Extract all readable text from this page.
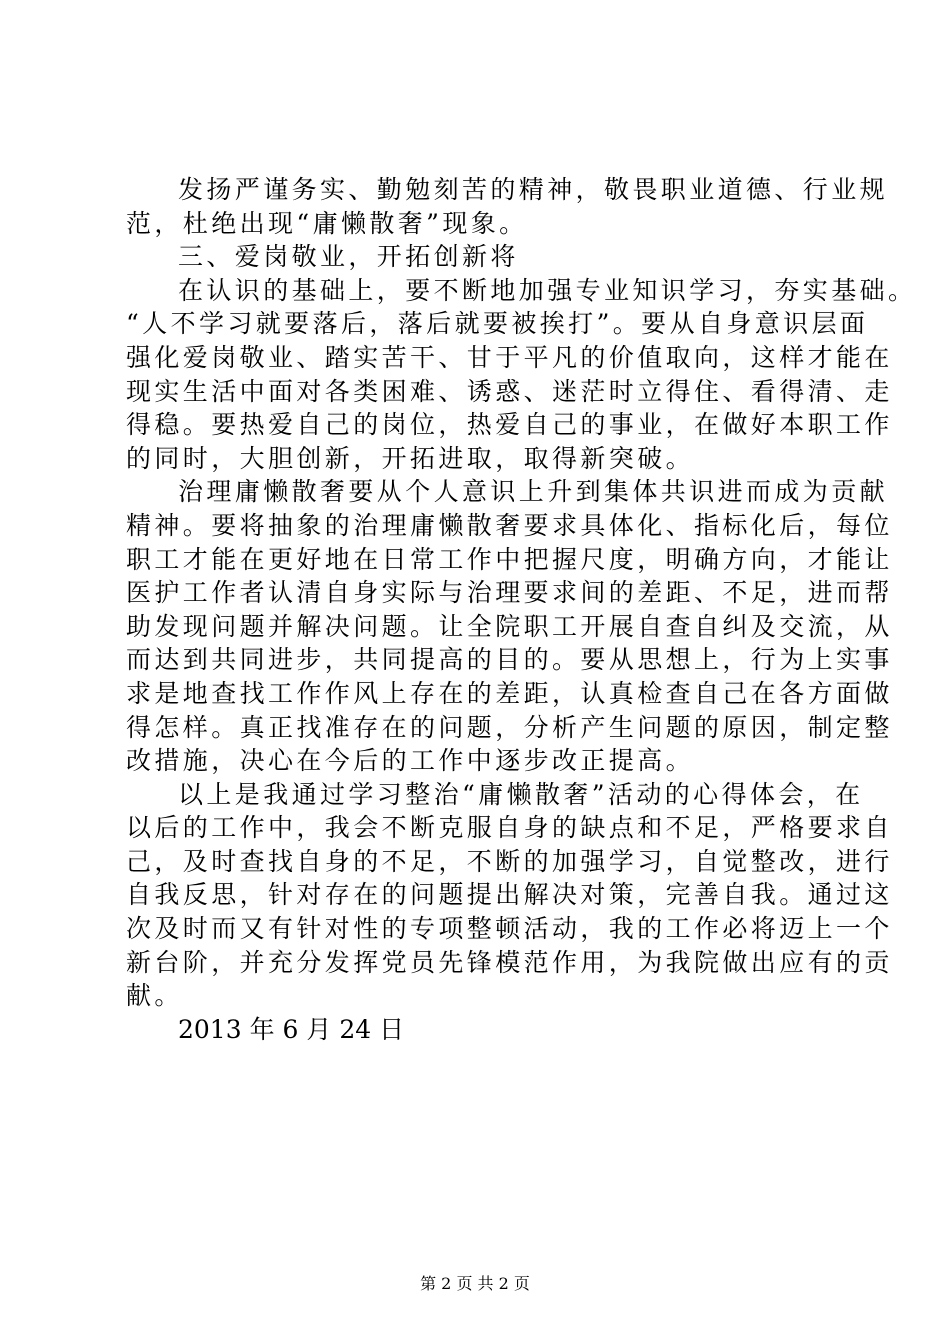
发扬严谨务实、勤勉刻苦的精神，敬畏职业道德、行业规
范，杜绝出现“庸懒散奢”现象。
三、爱岗敬业，开拓创新将
在认识的基础上，要不断地加强专业知识学习，夯实基础。
“人不学习就要落后，落后就要被挨打”。要从自身意识层面
强化爱岗敬业、踏实苦干、甘于平凡的价值取向，这样才能在
现实生活中面对各类困难、诱惑、迷茫时立得住、看得清、走
得稳。要热爱自己的岗位，热爱自己的事业，在做好本职工作
的同时，大胆创新，开拓进取，取得新突破。
治理庸懒散奢要从个人意识上升到集体共识进而成为贡献
精神。要将抽象的治理庸懒散奢要求具体化、指标化后，每位
职工才能在更好地在日常工作中把握尺度，明确方向，才能让
医护工作者认清自身实际与治理要求间的差距、不足，进而帮
助发现问题并解决问题。让全院职工开展自查自纠及交流，从
而达到共同进步，共同提高的目的。要从思想上，行为上实事
求是地查找工作作风上存在的差距，认真检查自己在各方面做
得怎样。真正找准存在的问题，分析产生问题的原因，制定整
改措施，决心在今后的工作中逐步改正提高。
以上是我通过学习整治“庸懒散奢”活动的心得体会，在
以后的工作中，我会不断克服自身的缺点和不足，严格要求自
己，及时查找自身的不足，不断的加强学习，自觉整改，进行
自我反思，针对存在的问题提出解决对策，完善自我。通过这
次及时而又有针对性的专项整顿活动，我的工作必将迈上一个
新台阶，并充分发挥党员先锋模范作用，为我院做出应有的贡
献。
2013 年 6 月 24 日
第 2 页 共 2 页
